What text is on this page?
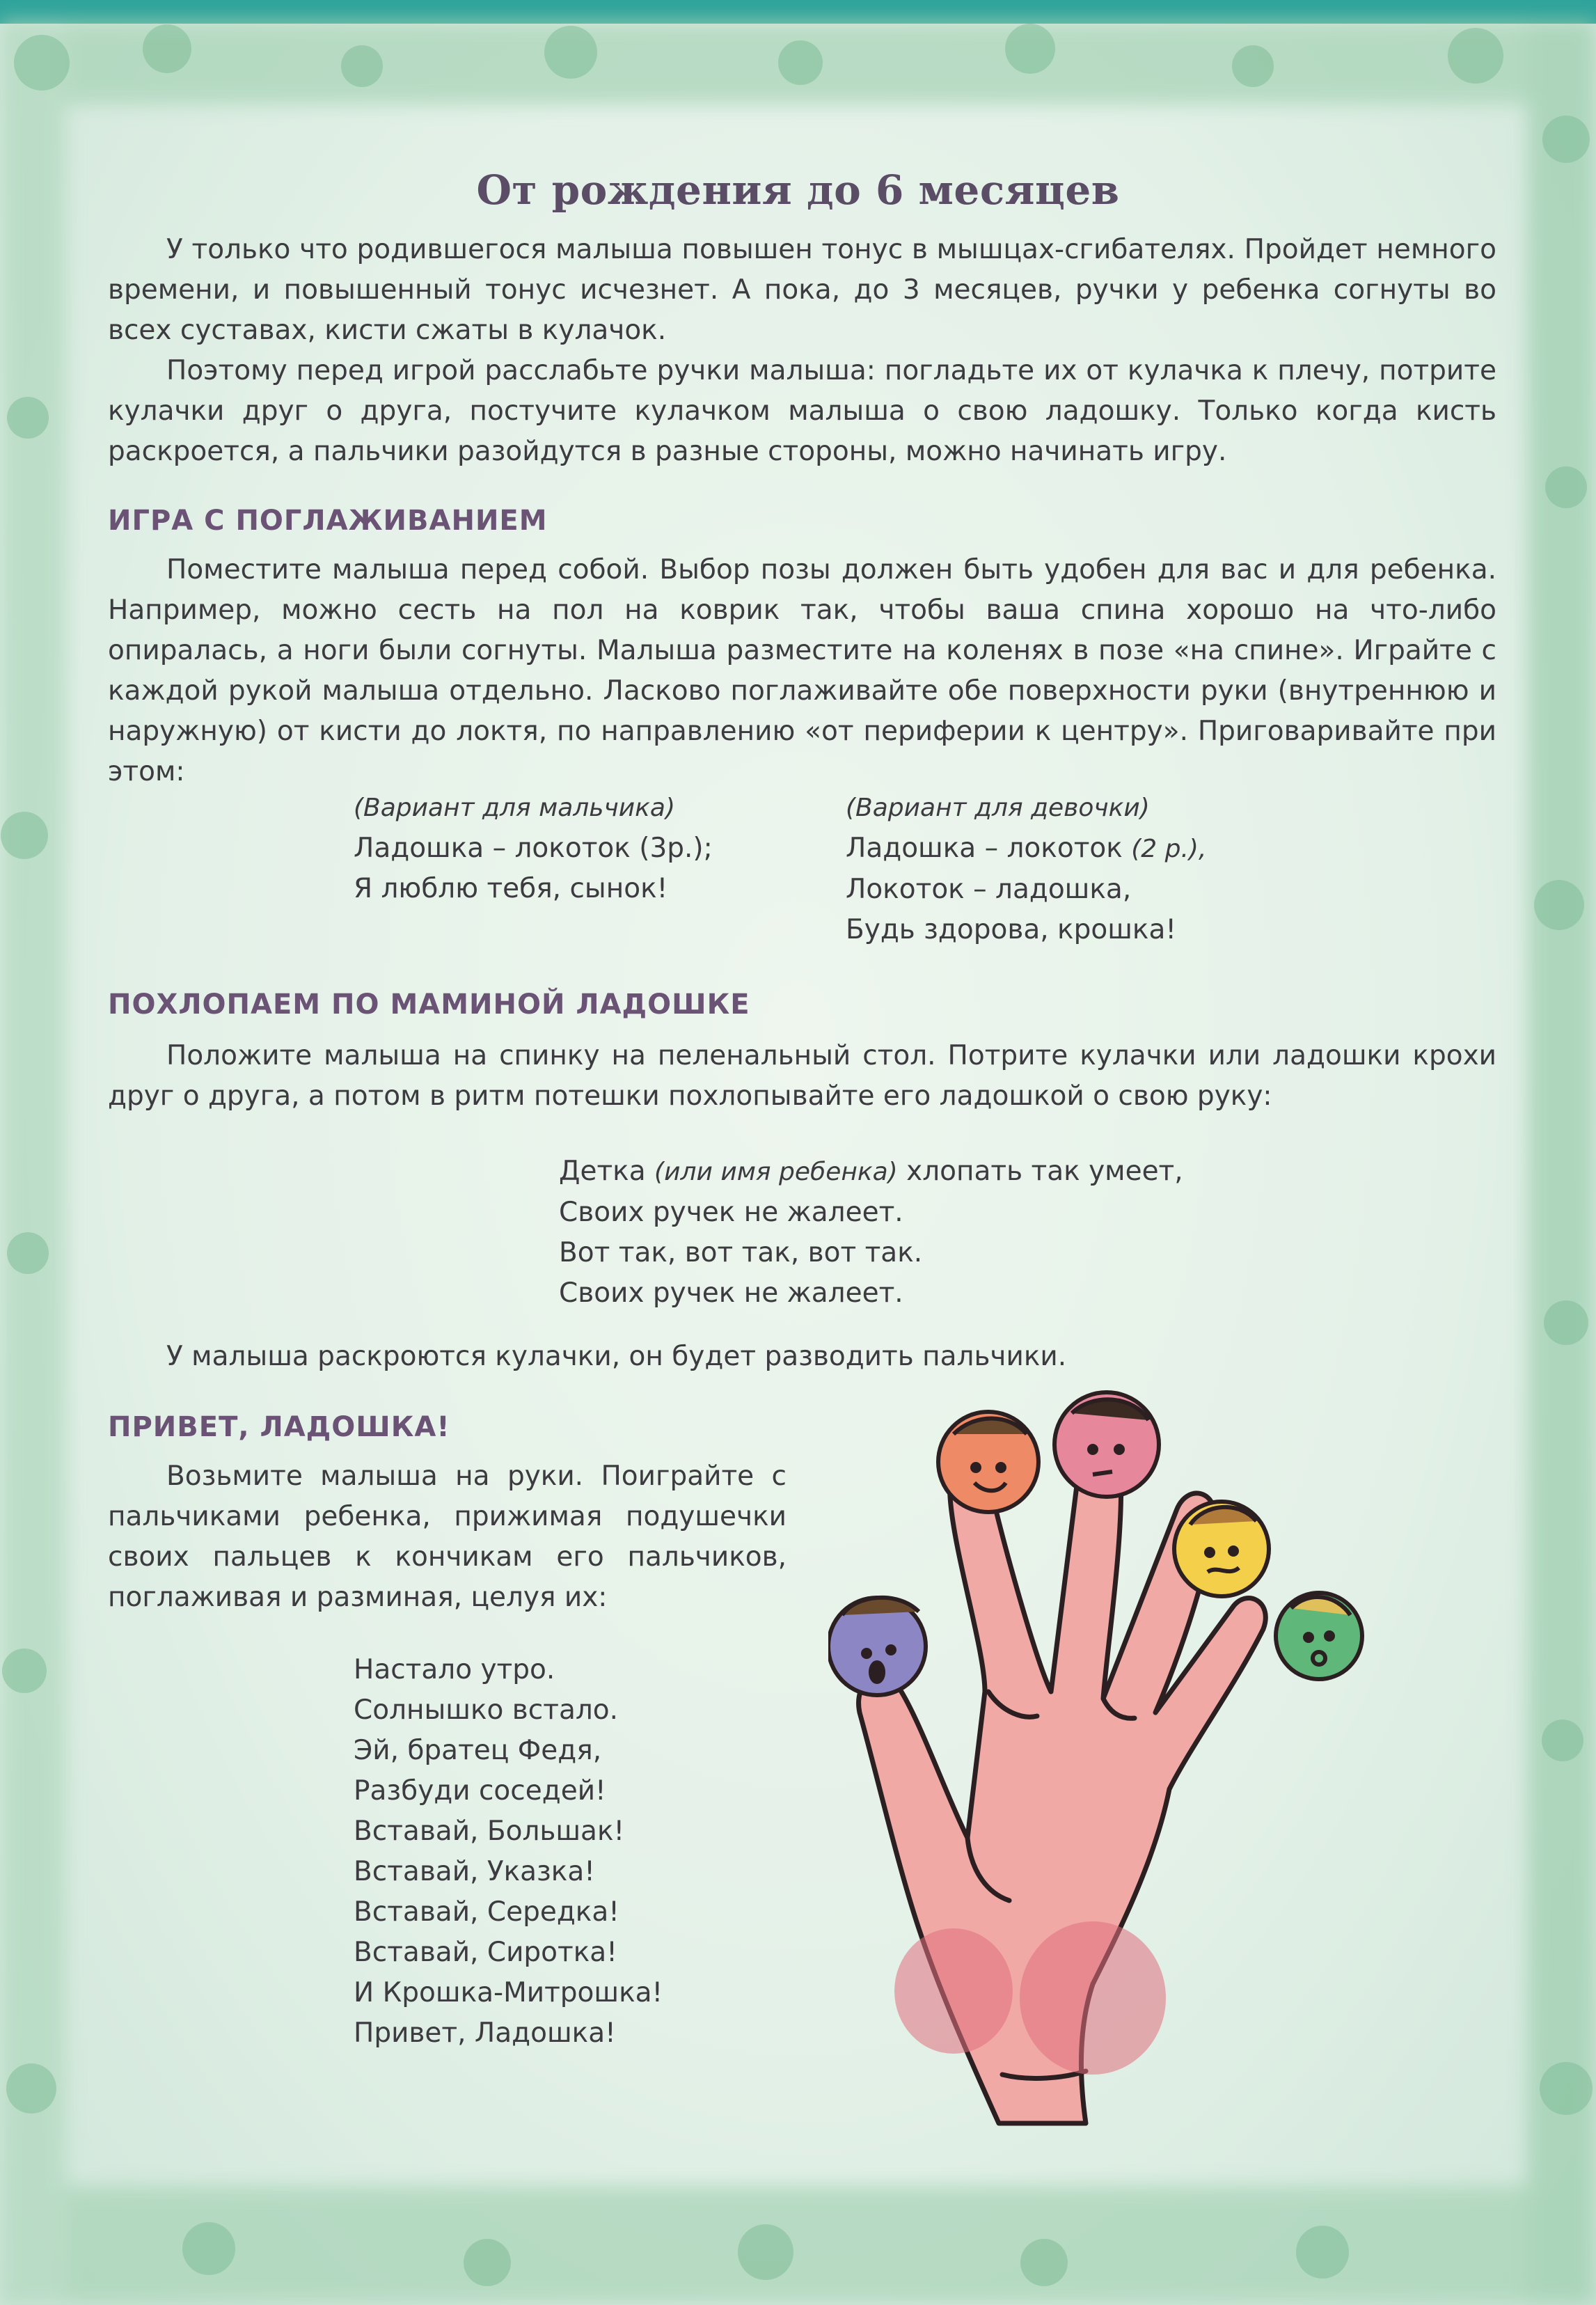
От рождения до 6 месяцев

У только что родившегося малыша повышен тонус в мышцах-сгибателях. Пройдет немного времени, и повышенный тонус исчезнет. А пока, до 3 месяцев, ручки у ребенка согнуты во всех суставах, кисти сжаты в кулачок.

Поэтому перед игрой расслабьте ручки малыша: погладьте их от кулачка к плечу, потрите кулачки друг о друга, постучите кулачком малыша о свою ладошку. Только когда кисть раскроется, а пальчики разойдутся в разные стороны, можно начинать игру.

ИГРА С ПОГЛАЖИВАНИЕМ

Поместите малыша перед собой. Выбор позы должен быть удобен для вас и для ребенка. Например, можно сесть на пол на коврик так, чтобы ваша спина хорошо на что-либо опиралась, а ноги были согнуты. Малыша разместите на коленях в позе «на спине». Играйте с каждой рукой малыша отдельно. Ласково поглаживайте обе поверхности руки (внутреннюю и наружную) от кисти до локтя, по направлению «от периферии к центру». Приговаривайте при этом:

(Вариант для мальчика)
Ладошка – локоток (3р.);
Я люблю тебя, сынок!
(Вариант для девочки)
Ладошка – локоток (2 р.),
Локоток – ладошка,
Будь здорова, крошка!
ПОХЛОПАЕМ ПО МАМИНОЙ ЛАДОШКЕ

Положите малыша на спинку на пеленальный стол. Потрите кулачки или ладошки крохи друг о друга, а потом в ритм потешки похлопывайте его ладошкой о свою руку:

Детка (или имя ребенка) хлопать так умеет,
Своих ручек не жалеет.
Вот так, вот так, вот так.
Своих ручек не жалеет.

У малыша раскроются кулачки, он будет разводить пальчики.

ПРИВЕТ, ЛАДОШКА!

Возьмите малыша на руки. Поиграйте с пальчиками ребенка, прижимая подушечки своих пальцев к кончикам его пальчиков, поглаживая и разминая, целуя их:

Настало утро.
Солнышко встало.
Эй, братец Федя,
Разбуди соседей!
Вставай, Большак!
Вставай, Указка!
Вставай, Середка!
Вставай, Сиротка!
И Крошка-Митрошка!
Привет, Ладошка!
